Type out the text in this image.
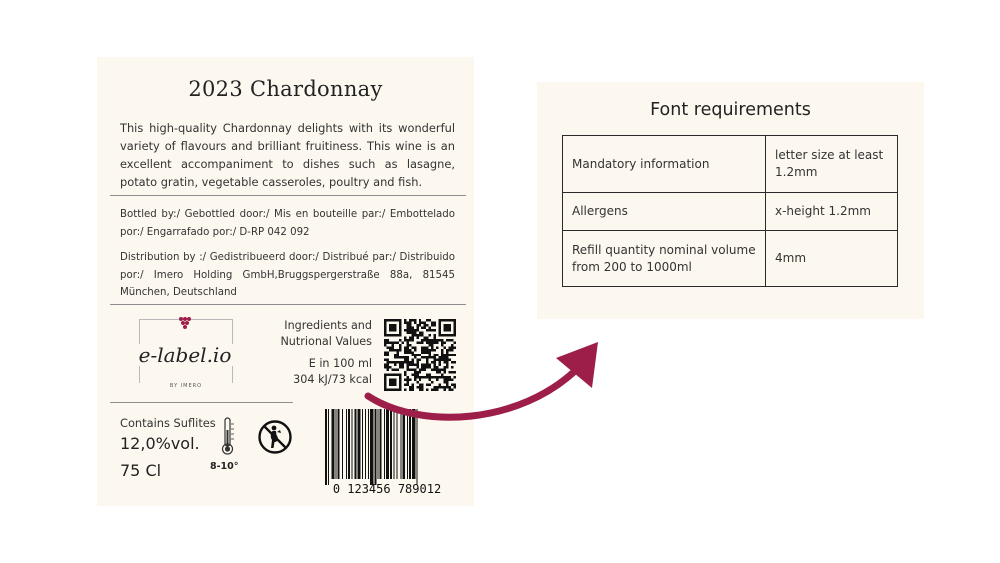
2023 Chardonnay
This high-quality Chardonnay delights with its wonderful variety of flavours and brilliant fruitiness. This wine is an excellent accompaniment to dishes such as lasagne, potato gratin, vegetable casseroles, poultry and fish.
Bottled by:/ Gebottled door:/ Mis en bouteille par:/ Embottelado por:/ Engarrafado por:/ D-RP 042 092
Distribution by :/ Gedistribueerd door:/ Distribué par:/ Distribuido por:/ Imero Holding GmbH,Bruggspergerstraße 88a, 81545 München, Deutschland
e-label.io
BY IMERO
Ingredients and
Nutrional Values
E in 100 ml
304 kJ/73 kcal
0 123456 789012
Contains Suflites
12,0%vol.
75 Cl	8-10°
Font requirements
Mandatory information	letter size at least 1.2mm
Allergens	x-height 1.2mm
Refill quantity nominal volume from 200 to 1000ml	4mm
